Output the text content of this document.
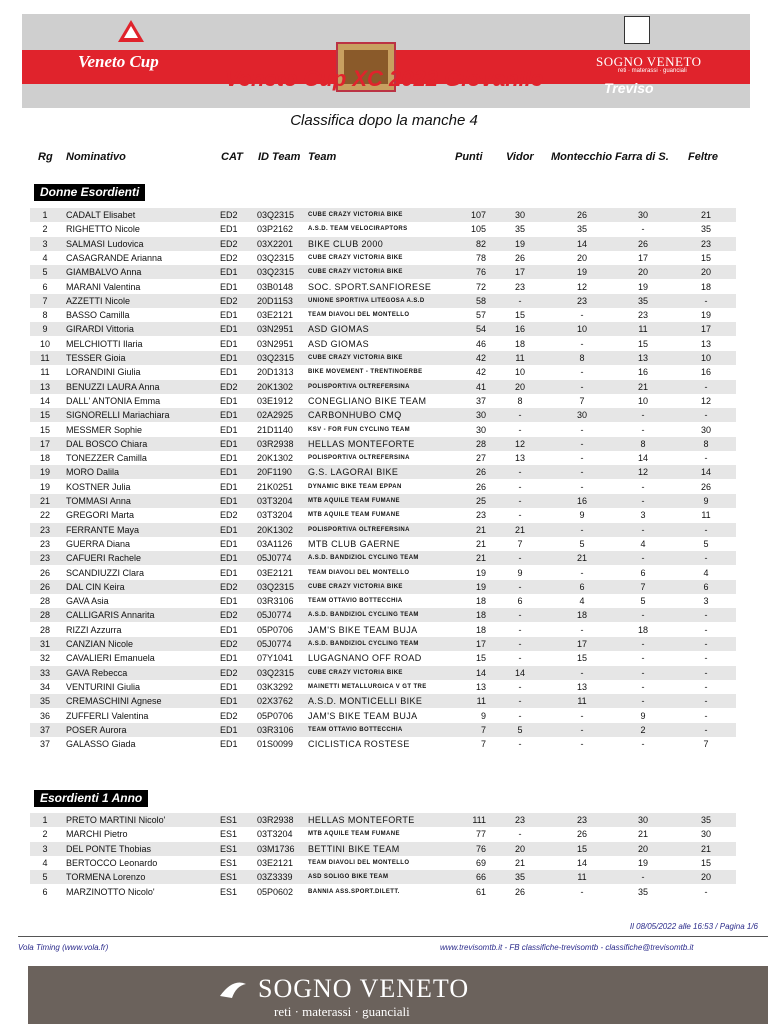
Veneto Cup	SOGNO VENETO
reti · materassi · guanciali
Treviso
Veneto Cup XC 2022 Giovanile
Classifica dopo la manche 4
Rg Nominativo	CAT ID Team Team	Punti Vidor Montecchio Farra di S. Feltre
Donne Esordienti
1	CADALT Elisabet	ED2 03Q2315 CUBE CRAZY VICTORIA BIKE	107	30	26	30	21
2	RIGHETTO Nicole	ED1 03P2162 A.S.D. TEAM VELOCIRAPTORS	105	35	35	-	35
3	SALMASI Ludovica	ED2 03X2201 BIKE CLUB 2000	82	19	14	26	23
4	CASAGRANDE Arianna	ED2 03Q2315 CUBE CRAZY VICTORIA BIKE	78	26	20	17	15
5	GIAMBALVO Anna	ED1 03Q2315 CUBE CRAZY VICTORIA BIKE	76	17	19	20	20
6	MARANI Valentina	ED1 03B0148 SOC. SPORT.SANFIORESE	72	23	12	19	18
7	AZZETTI Nicole	ED2 20D1153	UNIONE SPORTIVA LITEGOSA A.S.D	58	-	23	35	-
8	BASSO Camilla	ED1 03E2121 TEAM DIAVOLI DEL MONTELLO	57	15	-	23	19
9	GIRARDI Vittoria	ED1 03N2951 ASD GIOMAS	54	16	10	11	17
10	MELCHIOTTI Ilaria	ED1 03N2951 ASD GIOMAS	46	18	-	15	13
11	TESSER Gioia	ED1 03Q2315 CUBE CRAZY VICTORIA BIKE	42	11	8	13	10
11	LORANDINI Giulia	ED1 20D1313 BIKE MOVEMENT - TRENTINOERBE	42	10	-	16	16
13	BENUZZI LAURA Anna	ED2 20K1302 POLISPORTIVA OLTREFERSINA	41	20	-	21	-
14	DALL' ANTONIA Emma	ED1 03E1912 CONEGLIANO BIKE TEAM	37	8	7	10	12
15	SIGNORELLI Mariachiara	ED1 02A2925 CARBONHUBO CMQ	30	-	30	-	-
15	MESSMER Sophie	ED1 21D1140	KSV - FOR FUN CYCLING TEAM	30	-	-	-	30
17	DAL BOSCO Chiara	ED1 03R2938 HELLAS MONTEFORTE	28	12	-	8	8
18	TONEZZER Camilla	ED1 20K1302 POLISPORTIVA OLTREFERSINA	27	13	-	14	-
19	MORO Dalila	ED1 20F1190 G.S. LAGORAI BIKE	26	-	-	12	14
19	KOSTNER Julia	ED1 21K0251 DYNAMIC BIKE TEAM EPPAN	26	-	-	-	26
21	TOMMASI Anna	ED1 03T3204	MTB AQUILE TEAM FUMANE	25	-	16	-	9
22	GREGORI Marta	ED2 03T3204	MTB AQUILE TEAM FUMANE	23	-	9	3	11
23	FERRANTE Maya	ED1 20K1302 POLISPORTIVA OLTREFERSINA	21	21	-	-	-
23	GUERRA Diana	ED1 03A1126 MTB CLUB GAERNE	21	7	5	4	5
23	CAFUERI Rachele	ED1 05J0774	A.S.D. BANDIZIOL CYCLING TEAM	21	-	21	-	-
26	SCANDIUZZI Clara	ED1 03E2121 TEAM DIAVOLI DEL MONTELLO	19	9	-	6	4
26	DAL CIN Keira	ED2 03Q2315 CUBE CRAZY VICTORIA BIKE	19	-	6	7	6
28	GAVA Asia	ED1 03R3106 TEAM OTTAVIO BOTTECCHIA	18	6	4	5	3
28	CALLIGARIS Annarita	ED2 05J0774	A.S.D. BANDIZIOL CYCLING TEAM	18	-	18	-	-
28	RIZZI Azzurra	ED1 05P0706 JAM'S BIKE TEAM BUJA	18	-	-	18	-
31	CANZIAN Nicole	ED2 05J0774	A.S.D. BANDIZIOL CYCLING TEAM	17	-	17	-	-
32	CAVALIERI Emanuela	ED1 07Y1041 LUGAGNANO OFF ROAD	15	-	15	-	-
33	GAVA Rebecca	ED2 03Q2315 CUBE CRAZY VICTORIA BIKE	14	14	-	-	-
34	VENTURINI Giulia	ED1 03K3292 MAINETTI METALLURGICA V GT TRE	13	-	13	-	-
35	CREMASCHINI Agnese	ED1 02X3762 A.S.D. MONTICELLI BIKE	11	-	11	-	-
36	ZUFFERLI Valentina	ED2 05P0706 JAM'S BIKE TEAM BUJA	9	-	-	9	-
37	POSER Aurora	ED1 03R3106 TEAM OTTAVIO BOTTECCHIA	7	5	-	2	-
37	GALASSO Giada	ED1 01S0099 CICLISTICA ROSTESE	7	-	-	-	7
Esordienti 1 Anno
1	PRETO MARTINI Nicolo'	ES1 03R2938 HELLAS MONTEFORTE	111	23	23	30	35
2	MARCHI Pietro	ES1 03T3204	MTB AQUILE TEAM FUMANE	77	-	26	21	30
3	DEL PONTE Thobias	ES1 03M1736 BETTINI BIKE TEAM	76	20	15	20	21
4	BERTOCCO Leonardo	ES1 03E2121 TEAM DIAVOLI DEL MONTELLO	69	21	14	19	15
5	TORMENA Lorenzo	ES1 03Z3339	ASD SOLIGO BIKE TEAM	66	35	11	-	20
6	MARZINOTTO Nicolo'	ES1 05P0602 BANNIA ASS.SPORT.DILETT.	61	26	-	35	-
Il 08/05/2022 alle 16:53 / Pagina 1/6
Vola Timing (www.vola.fr)	www.trevisomtb.it - FB classifiche-trevisomtb - classifiche@trevisomtb.it
SOGNO VENETO
reti · materassi · guanciali
